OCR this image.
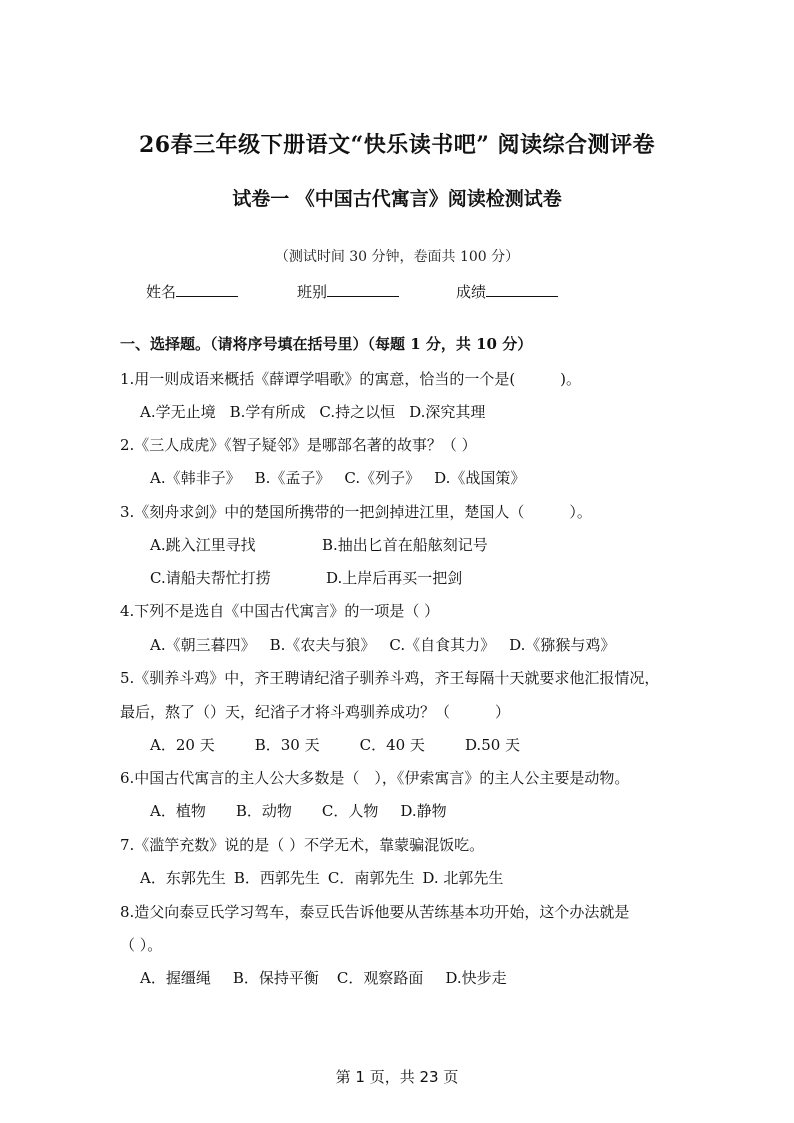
26春三年级下册语文“快乐读书吧” 阅读综合测评卷
试卷一 《中国古代寓言》阅读检测试卷
（测试时间 30 分钟，卷面共 100 分）
姓名	班别	成绩
一、选择题。（请将序号填在括号里）（每题 1 分，共 10 分）
1.用一则成语来概括《薛谭学唱歌》的寓意，恰当的一个是(　　　)。
A.学无止境 B.学有所成 C.持之以恒 D.深究其理
2.《三人成虎》《智子疑邻》是哪部名著的故事？（ ）
A.《韩非子》 B.《孟子》 C.《列子》 D.《战国策》
3.《刻舟求剑》中的楚国所携带的一把剑掉进江里，楚国人（　　　）。
A.跳入江里寻找	B.抽出匕首在船舷刻记号
C.请船夫帮忙打捞	D.上岸后再买一把剑
4.下列不是选自《中国古代寓言》的一项是（ ）
A.《朝三暮四》 B.《农夫与狼》 C.《自食其力》 D.《猕猴与鸡》
5.《驯养斗鸡》中，齐王聘请纪渻子驯养斗鸡，齐王每隔十天就要求他汇报情况，
最后，熬了（）天，纪渻子才将斗鸡驯养成功？（　　　）
A．20 天	B．30 天	C．40 天	D.50 天
6.中国古代寓言的主人公大多数是（　），《伊索寓言》的主人公主要是动物。
A．植物 B．动物 C．人物 D.静物
7.《滥竽充数》说的是（ ）不学无术，靠蒙骗混饭吃。
A．东郭先生 B．西郭先生 C．南郭先生 D. 北郭先生
8.造父向泰豆氏学习驾车，泰豆氏告诉他要从苦练基本功开始，这个办法就是
（ ）。
A．握缰绳 B．保持平衡 C．观察路面 D.快步走
第 1 页，共 23 页
